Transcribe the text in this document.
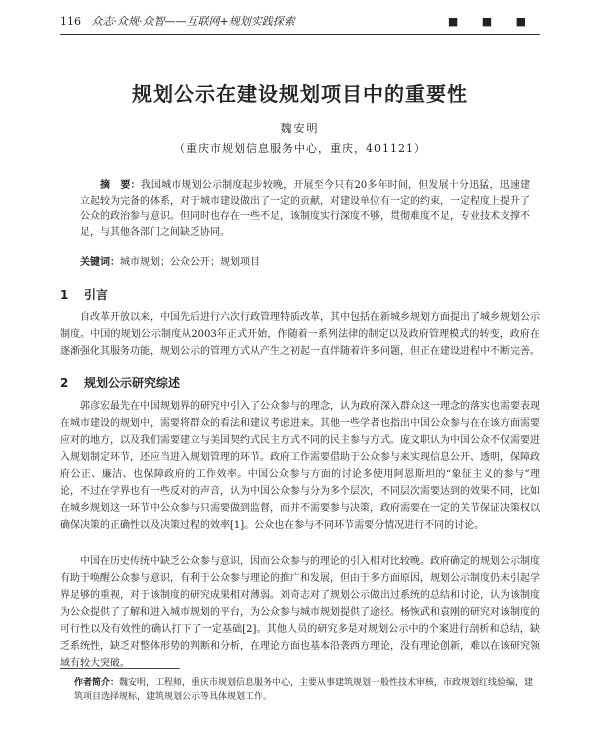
116 众志·众规·众智——互联网+规划实践探索	■ ■ ■
规划公示在建设规划项目中的重要性
魏安明
（重庆市规划信息服务中心，重庆，401121）
摘　要：我国城市规划公示制度起步较晚，开展至今只有20多年时间，但发展十分迅猛，迅速建立起较为完备的体系，对于城市建设做出了一定的贡献，对建设单位有一定的约束，一定程度上提升了公众的政治参与意识。但同时也存在一些不足，该制度实行深度不够，贯彻难度不足，专业技术支撑不足，与其他各部门之间缺乏协同。
关键词：城市规划；公众公开；规划项目
1 引言
自改革开放以来，中国先后进行六次行政管理特质改革，其中包括在新城乡规划方面提出了城乡规划公示制度。中国的规划公示制度从2003年正式开始，作随着一系列法律的制定以及政府管理模式的转变，政府在逐渐强化其服务功能，规划公示的管理方式从产生之初起一直伴随着许多问题，但正在建设进程中不断完善。
2 规划公示研究综述
郭彦宏最先在中国规划界的研究中引入了公众参与的理念，认为政府深入群众这一理念的落实也需要表现在城市建设的规划中，需要将群众的看法和建议考虑进来。其他一些学者也指出中国公众参与在在该方面需要应对的地方，以及我们需要建立与美国契约式民主方式不同的民主参与方式。庞文职认为中国公众不仅需要进入规划制定环节，还应当进入规划管理的环节。政府工作需要借助于公众参与来实现信息公开、透明，保障政府公正、廉洁、也保障政府的工作效率。中国公众参与方面的讨论多使用阿恩斯坦的“象征主义的参与”理论，不过在学界也有一些反对的声音，认为中国公众参与分为多个层次，不同层次需要达到的效果不同，比如在城乡规划这一环节中公众参与只需要做到监督，而并不需要参与决策，政府需要在一定的关节保证决策权以确保决策的正确性以及决策过程的效率[1]。公众也在参与不同环节需要分情况进行不同的讨论。
中国在历史传统中缺乏公众参与意识，因而公众参与的理论的引入相对比较晚。政府确定的规划公示制度有助于唤醒公众参与意识，有利于公众参与理论的推广和发展，但由于多方面原因，规划公示制度仍未引起学界足够的重视，对于该制度的研究成果相对薄弱。刘奇志对了规划公示做出过系统的总结和讨论，认为该制度为公众提供了了解和进入城市规划的平台，为公众参与城市规划提供了途径。杨恢武和袁刚的研究对该制度的可行性以及有效性的确认打下了一定基础[2]。其他人员的研究多是对规划公示中的个案进行剖析和总结，缺乏系统性，缺乏对整体形势的判断和分析，在理论方面也基本沿袭西方理论，没有理论创新，难以在该研究领域有较大突破。
作者简介：魏安明，工程师，重庆市规划信息服务中心，主要从事建筑规划一般性技术审核，市政规划红线验编，建筑项目选择规标，建筑规划公示等具体规划工作。
